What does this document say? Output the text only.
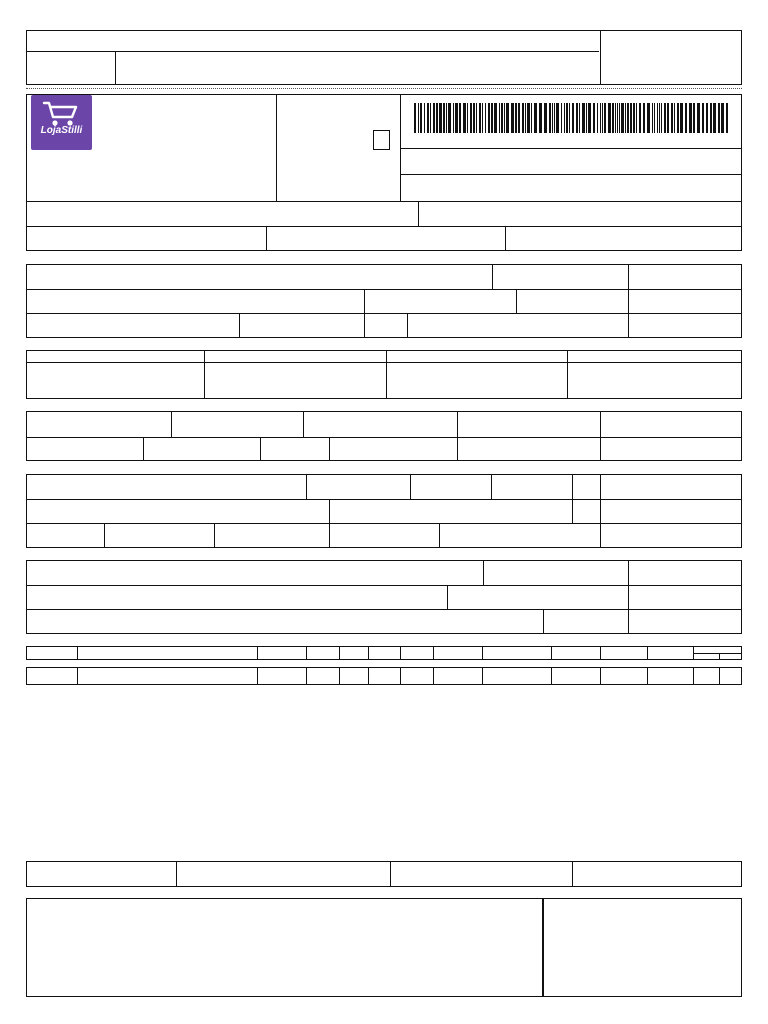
LojaStilli
